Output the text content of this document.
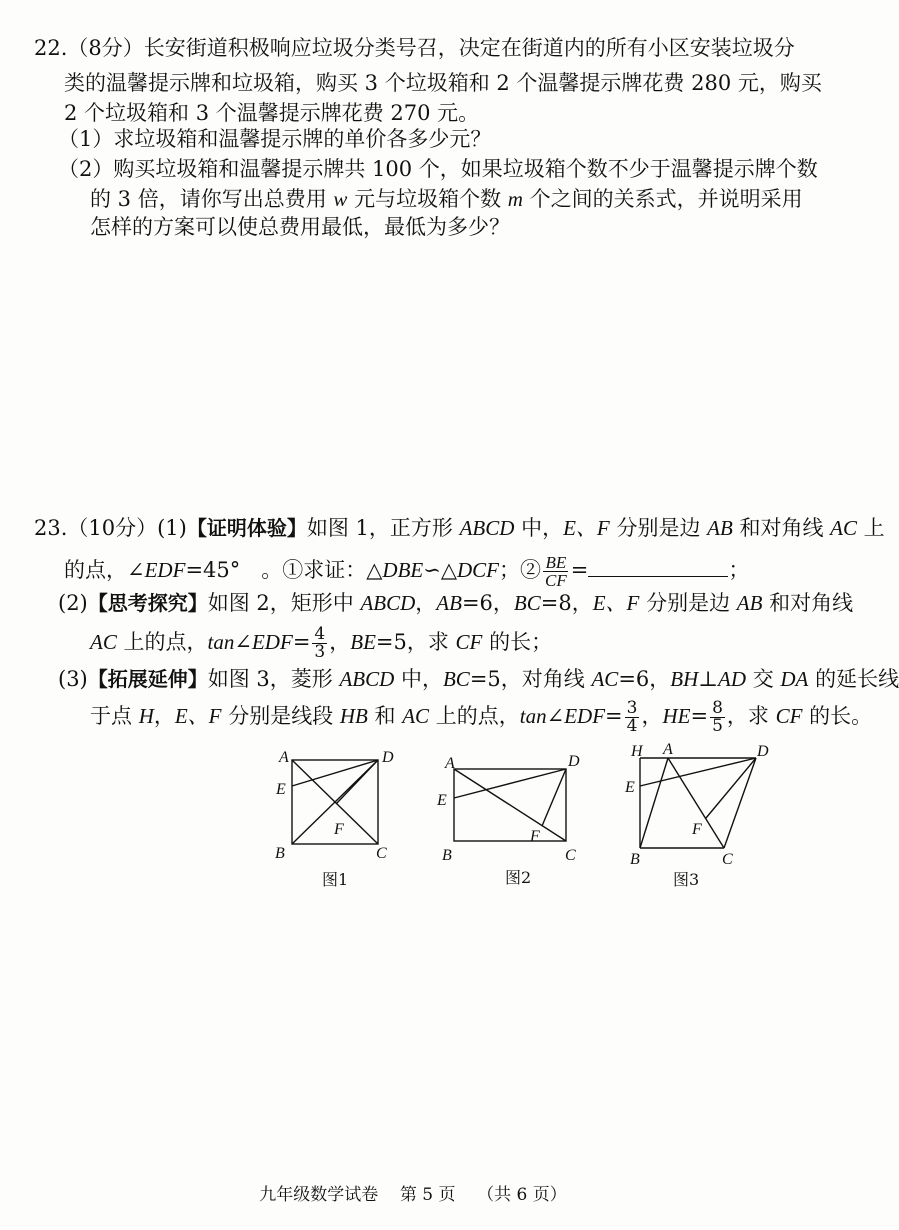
22.（8分）长安街道积极响应垃圾分类号召，决定在街道内的所有小区安装垃圾分
类的温馨提示牌和垃圾箱，购买 3 个垃圾箱和 2 个温馨提示牌花费 280 元，购买
2 个垃圾箱和 3 个温馨提示牌花费 270 元。
（1）求垃圾箱和温馨提示牌的单价各多少元？
（2）购买垃圾箱和温馨提示牌共 100 个，如果垃圾箱个数不少于温馨提示牌个数
的 3 倍，请你写出总费用 w 元与垃圾箱个数 m 个之间的关系式，并说明采用
怎样的方案可以使总费用最低，最低为多少？
23.（10分）(1)【证明体验】如图 1，正方形 ABCD 中，E、F 分别是边 AB 和对角线 AC 上
的点，∠EDF=45°　。①求证：△DBE∽△DCF；② $\frac{BE}{CF}$ =	；
(2)【思考探究】如图 2，矩形中 ABCD，AB=6，BC=8，E、F 分别是边 AB 和对角线
AC 上的点，tan∠EDF= $\frac{4}{3}$ ，BE=5，求 CF 的长；
(3)【拓展延伸】如图 3，菱形 ABCD 中，BC=5，对角线 AC=6，BH⊥AD 交 DA 的延长线
于点 H，E、F 分别是线段 HB 和 AC 上的点，tan∠EDF= $\frac{3}{4}$ ，$HE= \frac{8}{5}$ ，求 CF 的长。
A	D
E
F
B	C
图1
A	D
E
F
B	C
图2
H A	D
E
F
B	C
图3
九年级数学试卷 第 5 页 （共 6 页）
